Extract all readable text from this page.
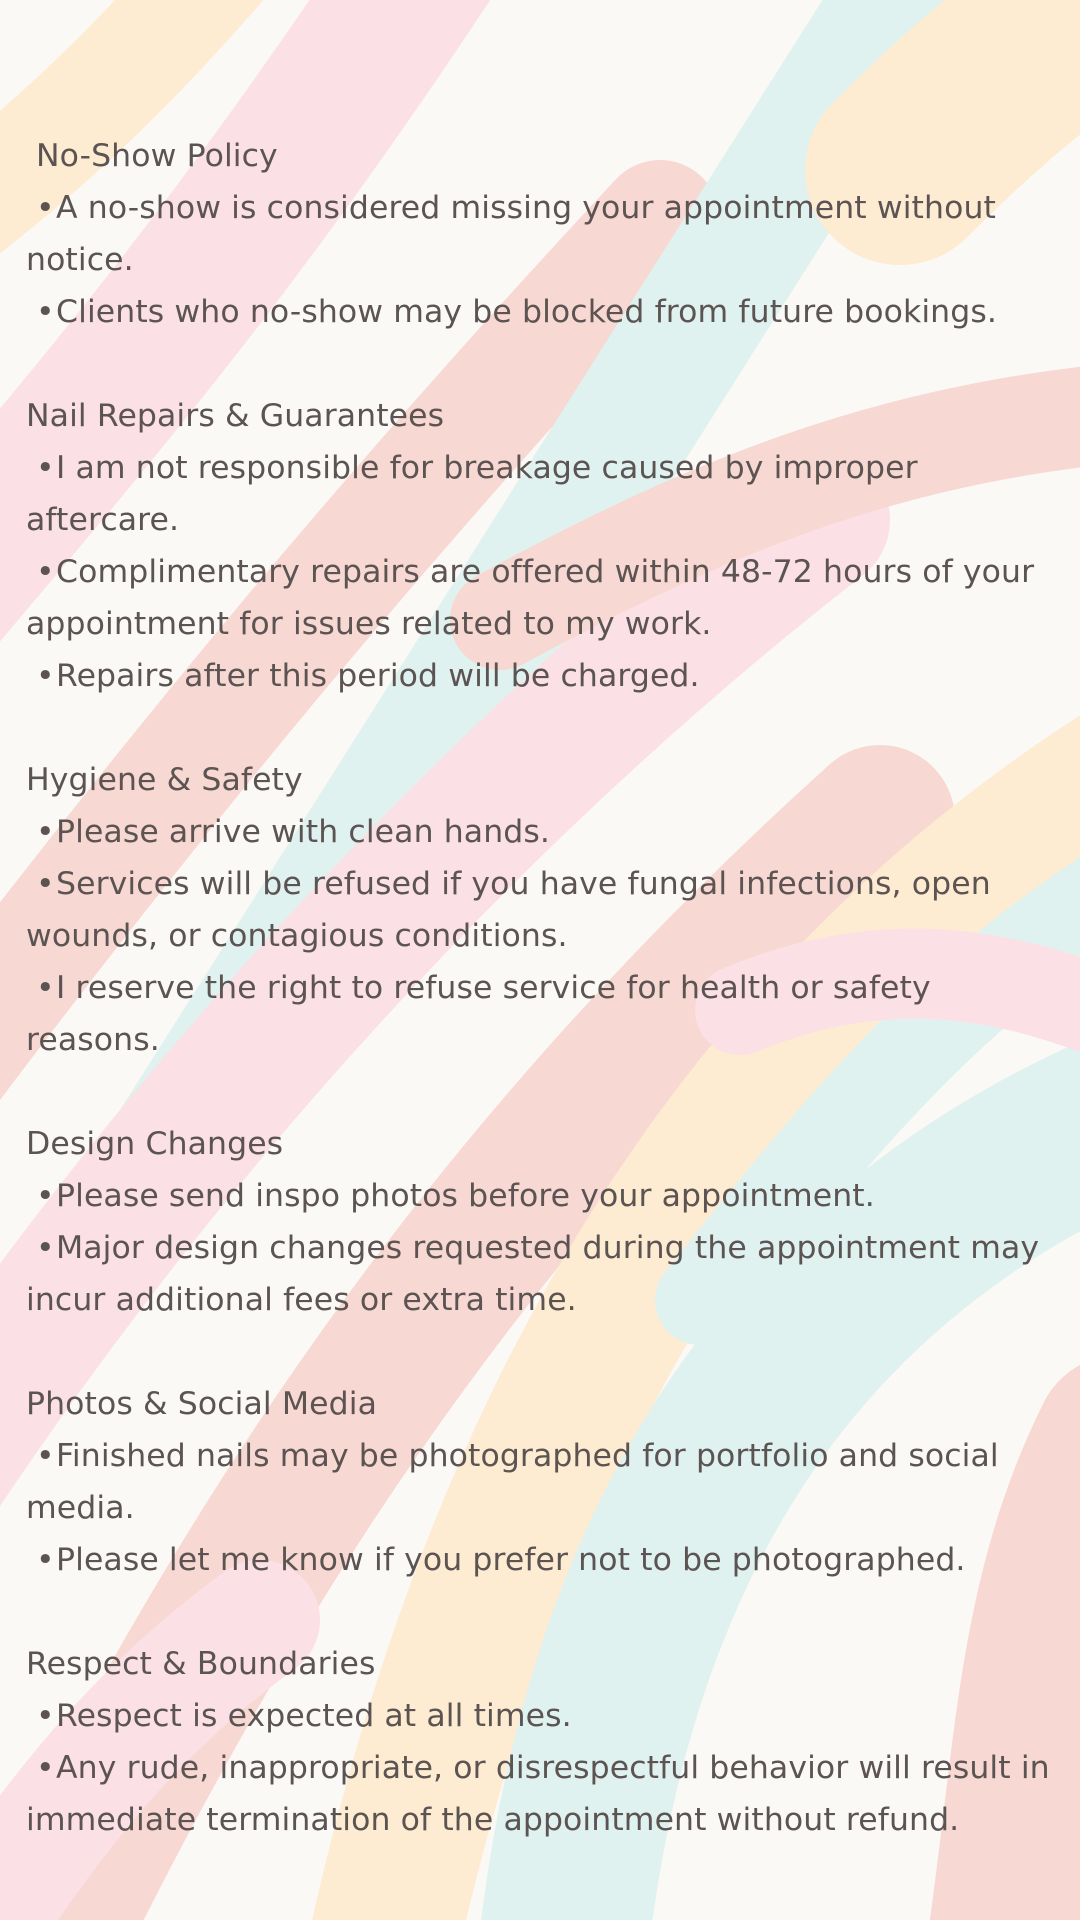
No-Show Policy
•A no-show is considered missing your appointment without notice.
•Clients who no-show may be blocked from future bookings.
Nail Repairs & Guarantees
•I am not responsible for breakage caused by improper aftercare.
•Complimentary repairs are offered within 48-72 hours of your appointment for issues related to my work.
•Repairs after this period will be charged.
Hygiene & Safety
•Please arrive with clean hands.
•Services will be refused if you have fungal infections, open wounds, or contagious conditions.
•I reserve the right to refuse service for health or safety reasons.
Design Changes
•Please send inspo photos before your appointment.
•Major design changes requested during the appointment may incur additional fees or extra time.
Photos & Social Media
•Finished nails may be photographed for portfolio and social media.
•Please let me know if you prefer not to be photographed.
Respect & Boundaries
•Respect is expected at all times.
•Any rude, inappropriate, or disrespectful behavior will result in immediate termination of the appointment without refund.
